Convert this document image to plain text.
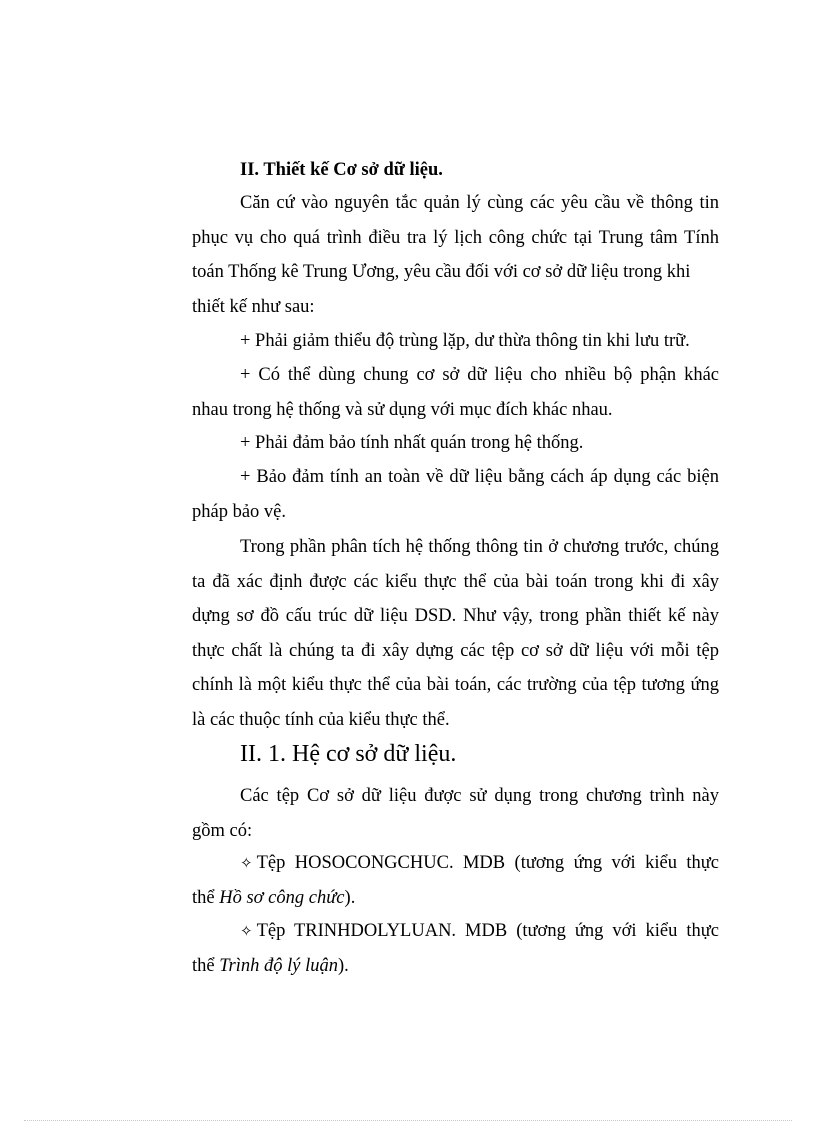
II. Thiết kế Cơ sở dữ liệu.
Căn cứ vào nguyên tắc quản lý cùng các yêu cầu về thông tin
phục vụ cho quá trình điều tra lý lịch công chức tại Trung tâm Tính
toán Thống kê Trung Ương, yêu cầu đối với cơ sở dữ liệu trong khi
thiết kế như sau:
+ Phải giảm thiểu độ trùng lặp, dư thừa thông tin khi lưu trữ.
+ Có thể dùng chung cơ sở dữ liệu cho nhiều bộ phận khác
nhau trong hệ thống và sử dụng với mục đích khác nhau.
+ Phải đảm bảo tính nhất quán trong hệ thống.
+ Bảo đảm tính an toàn về dữ liệu bằng cách áp dụng các biện
pháp bảo vệ.
Trong phần phân tích hệ thống thông tin ở chương trước, chúng
ta đã xác định được các kiểu thực thể của bài toán trong khi đi xây
dựng sơ đồ cấu trúc dữ liệu DSD. Như vậy, trong phần thiết kế này
thực chất là chúng ta đi xây dựng các tệp cơ sở dữ liệu với mỗi tệp
chính là một kiểu thực thể của bài toán, các trường của tệp tương ứng
là các thuộc tính của kiểu thực thể.
II. 1. Hệ cơ sở dữ liệu.
Các tệp Cơ sở dữ liệu được sử dụng trong chương trình này
gồm có:
✧ Tệp HOSOCONGCHUC. MDB (tương ứng với kiểu thực
thể Hồ sơ công chức).
✧ Tệp TRINHDOLYLUAN. MDB (tương ứng với kiểu thực
thể Trình độ lý luận).
